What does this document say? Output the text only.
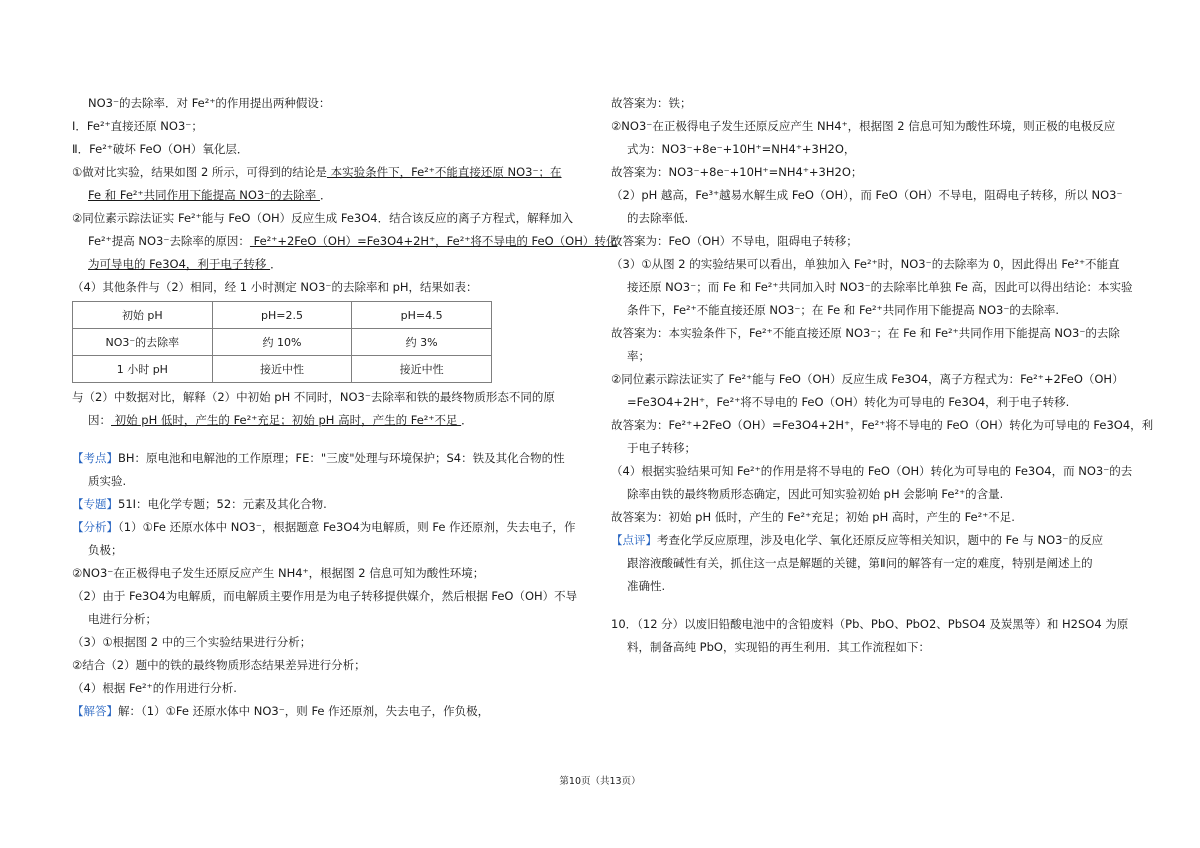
NO3⁻的去除率．对 Fe²⁺的作用提出两种假设：
Ⅰ．Fe²⁺直接还原 NO3⁻；
Ⅱ．Fe²⁺破坏 FeO（OH）氧化层．
①做对比实验，结果如图 2 所示，可得到的结论是 本实验条件下，Fe²⁺不能直接还原 NO3⁻；在
Fe 和 Fe²⁺共同作用下能提高 NO3⁻的去除率 ．
②同位素示踪法证实 Fe²⁺能与 FeO（OH）反应生成 Fe3O4．结合该反应的离子方程式，解释加入
Fe²⁺提高 NO3⁻去除率的原因： Fe²⁺+2FeO（OH）=Fe3O4+2H⁺，Fe²⁺将不导电的 FeO（OH）转化
为可导电的 Fe3O4，利于电子转移 ．
（4）其他条件与（2）相同，经 1 小时测定 NO3⁻的去除率和 pH，结果如表：
初始 pH	pH=2.5	pH=4.5
NO3⁻的去除率	约 10%	约 3%
1 小时 pH	接近中性	接近中性
与（2）中数据对比，解释（2）中初始 pH 不同时，NO3⁻去除率和铁的最终物质形态不同的原
因： 初始 pH 低时，产生的 Fe²⁺充足；初始 pH 高时，产生的 Fe²⁺不足 ．
【考点】BH：原电池和电解池的工作原理；FE："三废"处理与环境保护；S4：铁及其化合物的性
质实验.
【专题】51I：电化学专题；52：元素及其化合物.
【分析】（1）①Fe 还原水体中 NO3⁻，根据题意 Fe3O4为电解质，则 Fe 作还原剂，失去电子，作
负极；
②NO3⁻在正极得电子发生还原反应产生 NH4⁺，根据图 2 信息可知为酸性环境；
（2）由于 Fe3O4为电解质，而电解质主要作用是为电子转移提供媒介，然后根据 FeO（OH）不导
电进行分析；
（3）①根据图 2 中的三个实验结果进行分析；
②结合（2）题中的铁的最终物质形态结果差异进行分析；
（4）根据 Fe²⁺的作用进行分析.
【解答】解：（1）①Fe 还原水体中 NO3⁻，则 Fe 作还原剂，失去电子，作负极，
故答案为：铁；
②NO3⁻在正极得电子发生还原反应产生 NH4⁺，根据图 2 信息可知为酸性环境，则正极的电极反应
式为：NO3⁻+8e⁻+10H⁺=NH4⁺+3H2O，
故答案为：NO3⁻+8e⁻+10H⁺=NH4⁺+3H2O；
（2）pH 越高，Fe³⁺越易水解生成 FeO（OH），而 FeO（OH）不导电，阻碍电子转移，所以 NO3⁻
的去除率低.
故答案为：FeO（OH）不导电，阻碍电子转移；
（3）①从图 2 的实验结果可以看出，单独加入 Fe²⁺时，NO3⁻的去除率为 0，因此得出 Fe²⁺不能直
接还原 NO3⁻；而 Fe 和 Fe²⁺共同加入时 NO3⁻的去除率比单独 Fe 高，因此可以得出结论：本实验
条件下，Fe²⁺不能直接还原 NO3⁻；在 Fe 和 Fe²⁺共同作用下能提高 NO3⁻的去除率.
故答案为：本实验条件下，Fe²⁺不能直接还原 NO3⁻；在 Fe 和 Fe²⁺共同作用下能提高 NO3⁻的去除
率；
②同位素示踪法证实了 Fe²⁺能与 FeO（OH）反应生成 Fe3O4，离子方程式为：Fe²⁺+2FeO（OH）
=Fe3O4+2H⁺，Fe²⁺将不导电的 FeO（OH）转化为可导电的 Fe3O4，利于电子转移.
故答案为：Fe²⁺+2FeO（OH）=Fe3O4+2H⁺，Fe²⁺将不导电的 FeO（OH）转化为可导电的 Fe3O4，利
于电子转移；
（4）根据实验结果可知 Fe²⁺的作用是将不导电的 FeO（OH）转化为可导电的 Fe3O4，而 NO3⁻的去
除率由铁的最终物质形态确定，因此可知实验初始 pH 会影响 Fe²⁺的含量.
故答案为：初始 pH 低时，产生的 Fe²⁺充足；初始 pH 高时，产生的 Fe²⁺不足.
【点评】考查化学反应原理，涉及电化学、氧化还原反应等相关知识，题中的 Fe 与 NO3⁻的反应
跟溶液酸碱性有关，抓住这一点是解题的关键，第Ⅱ问的解答有一定的难度，特别是阐述上的
准确性.
10．（12 分）以废旧铅酸电池中的含铅废料（Pb、PbO、PbO2、PbSO4 及炭黑等）和 H2SO4 为原
料，制备高纯 PbO，实现铅的再生利用．其工作流程如下：
第10页（共13页）
